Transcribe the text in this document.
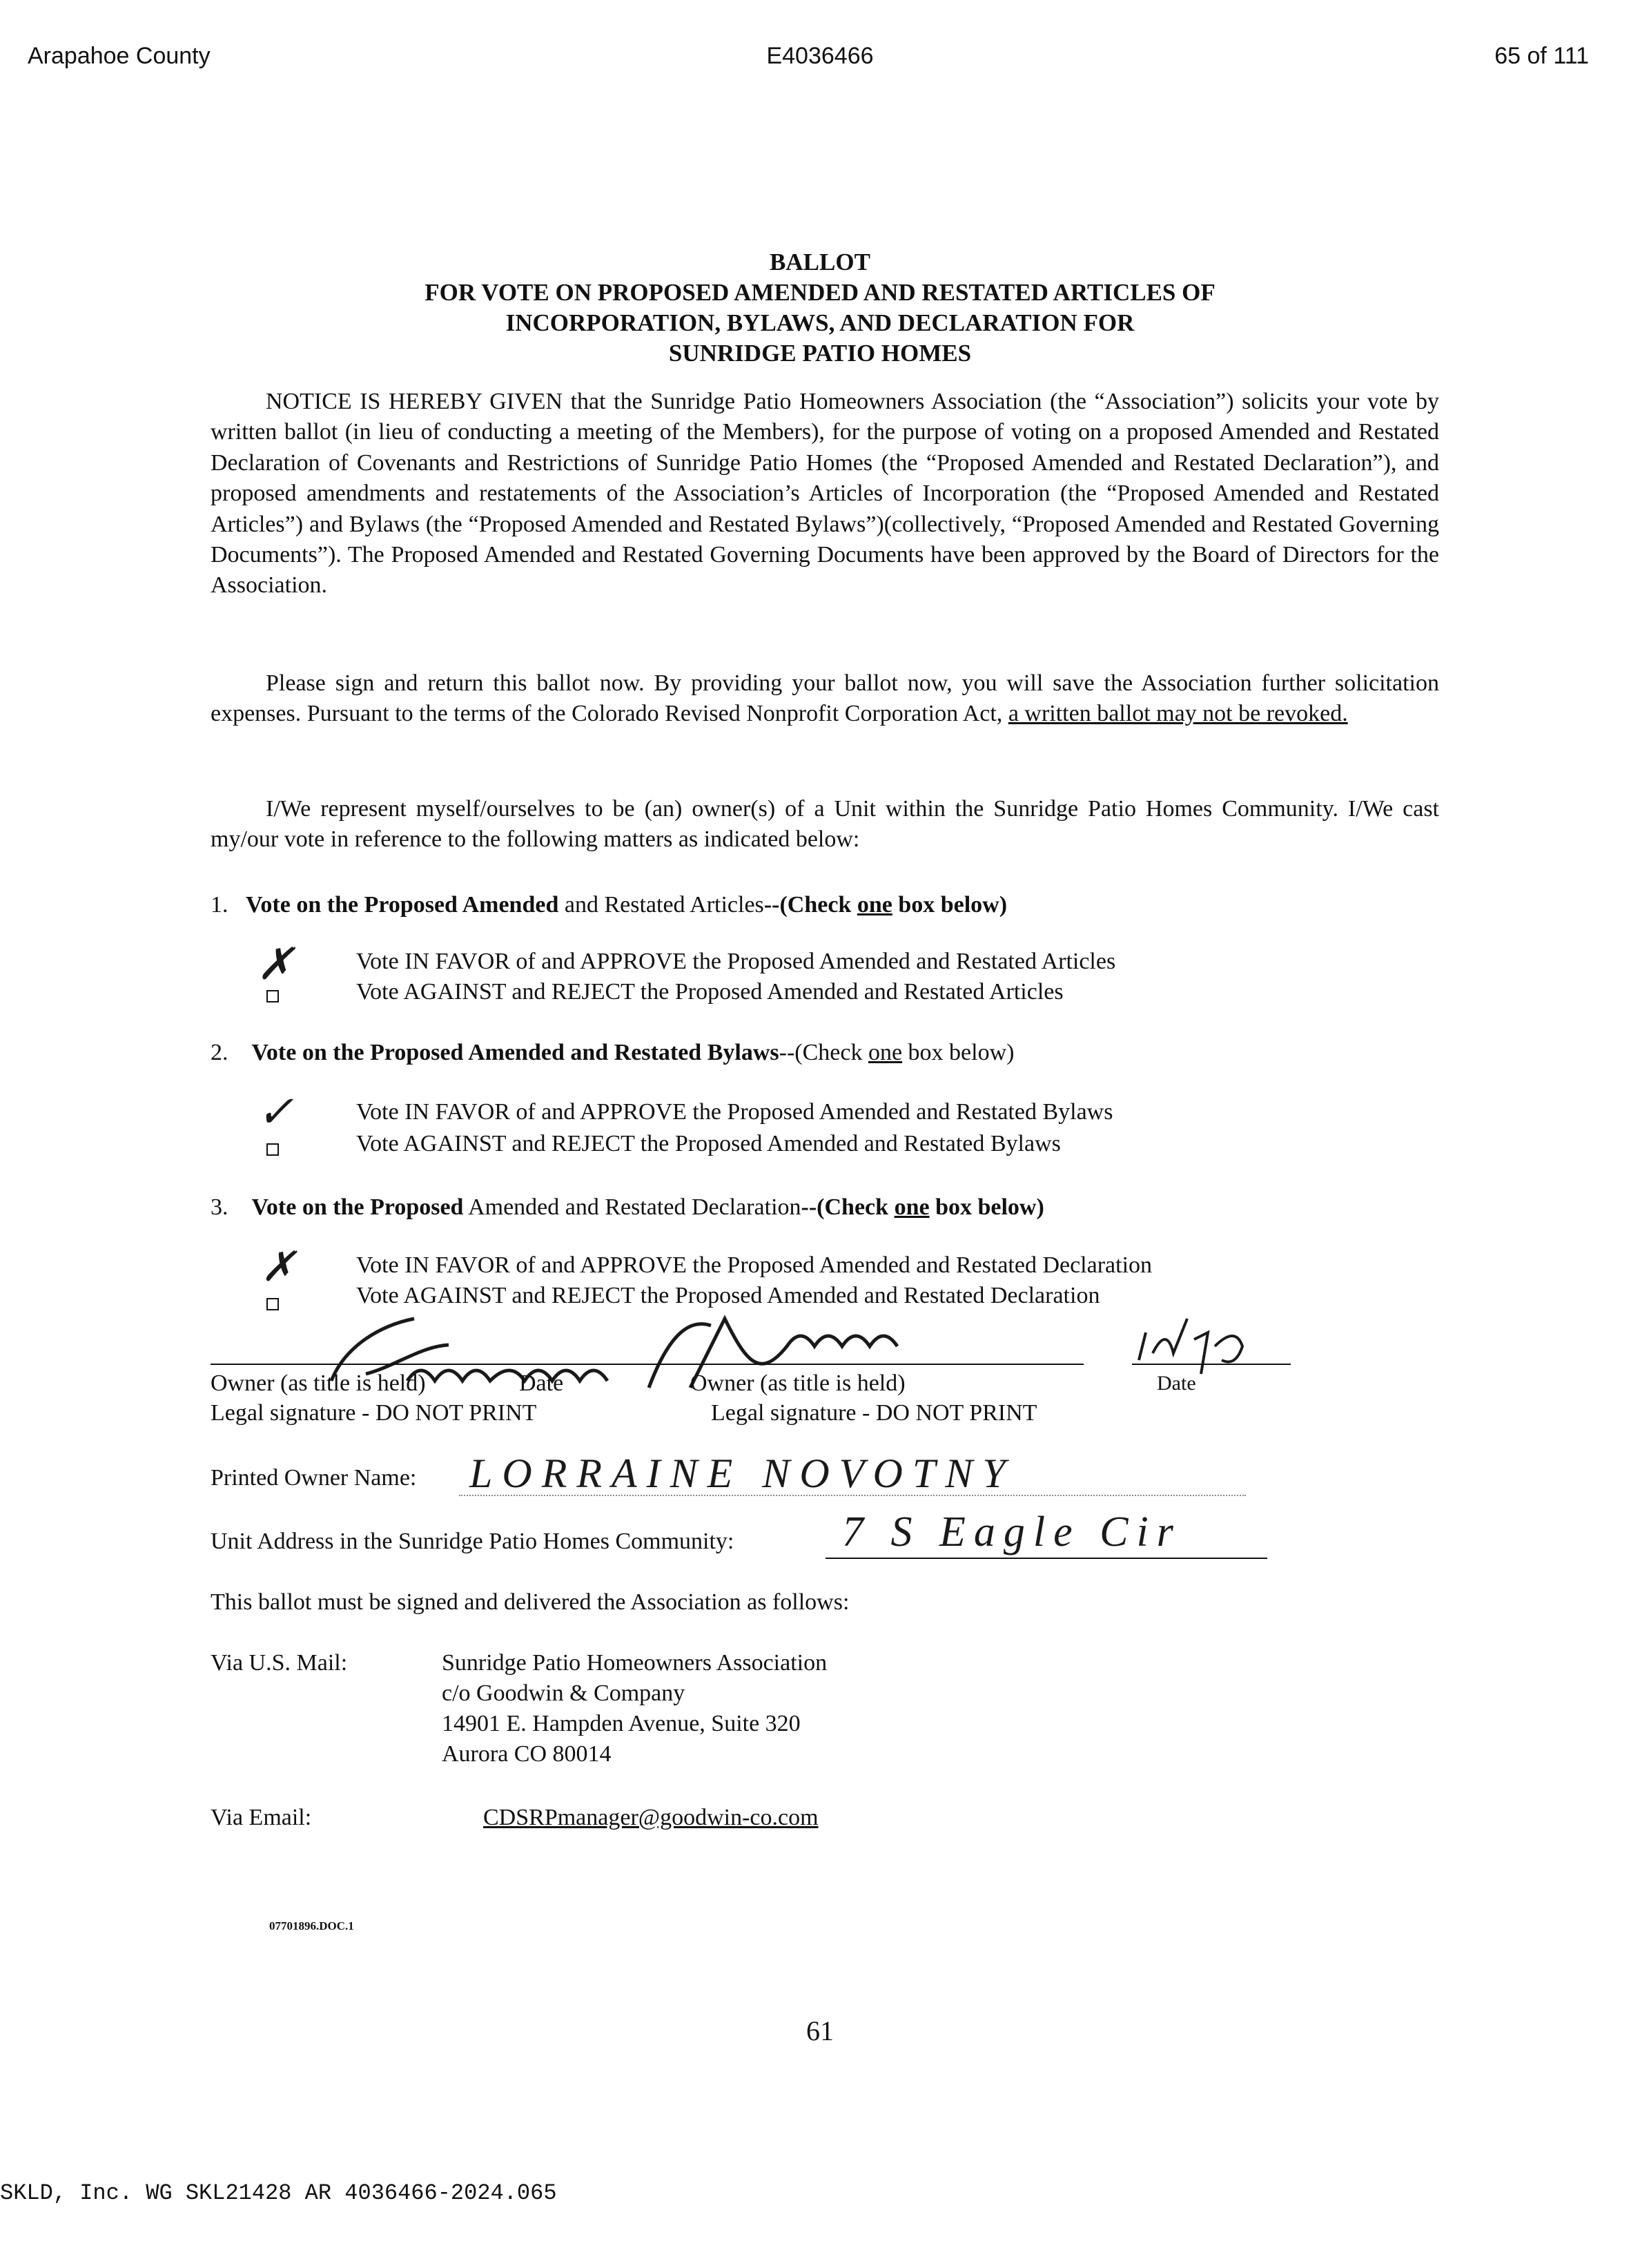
Arapahoe County	E4036466	65 of 111
BALLOT
FOR VOTE ON PROPOSED AMENDED AND RESTATED ARTICLES OF
INCORPORATION, BYLAWS, AND DECLARATION FOR
SUNRIDGE PATIO HOMES

NOTICE IS HEREBY GIVEN that the Sunridge Patio Homeowners Association (the “Association”) solicits your vote by written ballot (in lieu of conducting a meeting of the Members), for the purpose of voting on a proposed Amended and Restated Declaration of Covenants and Restrictions of Sunridge Patio Homes (the “Proposed Amended and Restated Declaration”), and proposed amendments and restatements of the Association’s Articles of Incorporation (the “Proposed Amended and Restated Articles”) and Bylaws (the “Proposed Amended and Restated Bylaws”)(collectively, “Proposed Amended and Restated Governing Documents”). The Proposed Amended and Restated Governing Documents have been approved by the Board of Directors for the Association.

Please sign and return this ballot now. By providing your ballot now, you will save the Association further solicitation expenses. Pursuant to the terms of the Colorado Revised Nonprofit Corporation Act, a written ballot may not be revoked.

I/We represent myself/ourselves to be (an) owner(s) of a Unit within the Sunridge Patio Homes Community. I/We cast my/our vote in reference to the following matters as indicated below:

1. Vote on the Proposed Amended and Restated Articles--(Check one box below)
✗	Vote IN FAVOR of and APPROVE the Proposed Amended and Restated Articles
Vote AGAINST and REJECT the Proposed Amended and Restated Articles
2. Vote on the Proposed Amended and Restated Bylaws--(Check one box below)
✓	Vote IN FAVOR of and APPROVE the Proposed Amended and Restated Bylaws
Vote AGAINST and REJECT the Proposed Amended and Restated Bylaws
3. Vote on the Proposed Amended and Restated Declaration--(Check one box below)
✗	Vote IN FAVOR of and APPROVE the Proposed Amended and Restated Declaration
Vote AGAINST and REJECT the Proposed Amended and Restated Declaration
Owner (as title is held)	Date	Owner (as title is held)	Date
Legal signature - DO NOT PRINT	Legal signature - DO NOT PRINT
Printed Owner Name: LORRAINE NOVOTNY
Unit Address in the Sunridge Patio Homes Community:	7 S Eagle Cir
This ballot must be signed and delivered the Association as follows:
Via U.S. Mail:	Sunridge Patio Homeowners Association
c/o Goodwin & Company
14901 E. Hampden Avenue, Suite 320
Aurora CO 80014
Via Email:	CDSRPmanager@goodwin-co.com
07701896.DOC.1
61
SKLD, Inc. WG SKL21428 AR 4036466-2024.065
